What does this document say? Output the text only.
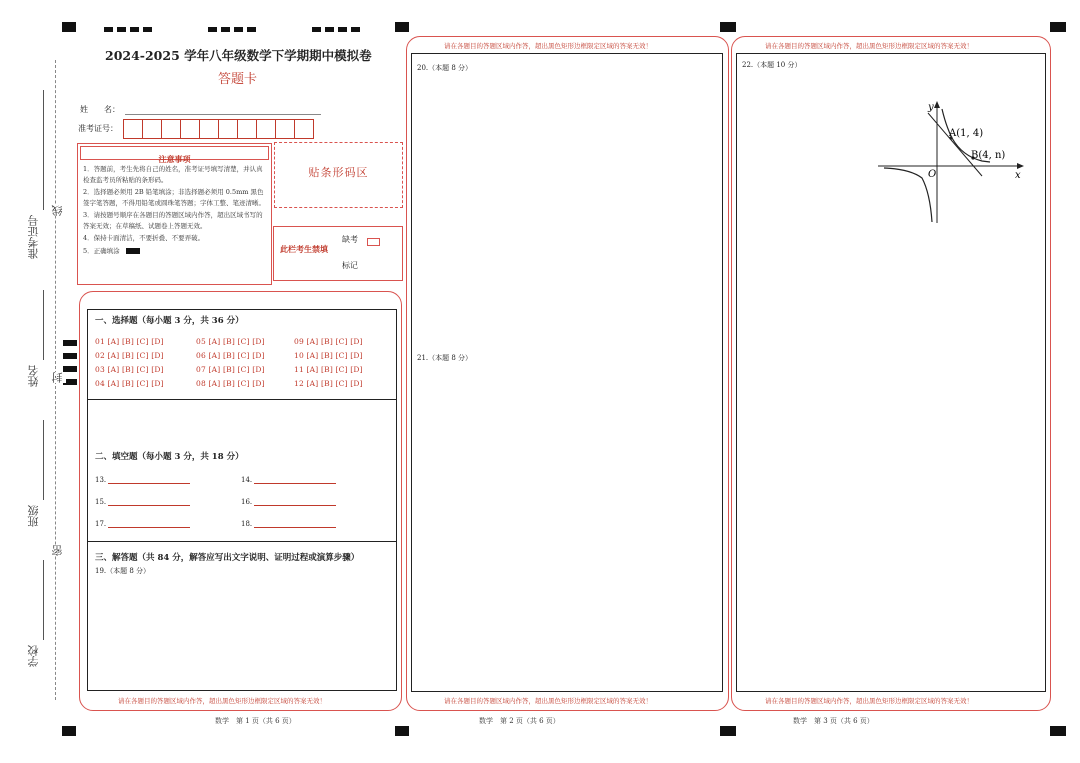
准考证号
线
姓名 封
班级
密
学校
2024-2025 学年八年级数学下学期期中模拟卷
答题卡
姓　　名：
准考证号：
注意事项

1．答题前，考生先将自己的姓名，准考证号填写清楚，并认真检查监考员所粘贴的条形码。

2．选择题必须用 2B 铅笔填涂；非选择题必须用 0.5mm 黑色签字笔答题，不得用铅笔或圆珠笔答题；字体工整、笔迹清晰。

3．请按题号顺序在各题目的答题区域内作答，超出区域书写的答案无效；在草稿纸、试题卷上答题无效。

4．保持卡面清洁，不要折叠、不要弄破。

5．正确填涂

贴条形码区
此栏考生禁填
缺考
标记
一、选择题（每小题 3 分，共 36 分）
01 [A] [B] [C] [D]
02 [A] [B] [C] [D]
03 [A] [B] [C] [D]
04 [A] [B] [C] [D]
05 [A] [B] [C] [D]
06 [A] [B] [C] [D]
07 [A] [B] [C] [D]
08 [A] [B] [C] [D]
09 [A] [B] [C] [D]
10 [A] [B] [C] [D]
11 [A] [B] [C] [D]
12 [A] [B] [C] [D]
二、填空题（每小题 3 分，共 18 分）
13.	14.
15.	16.
17.	18.
三、解答题（共 84 分，解答应写出文字说明、证明过程或演算步骤）
19.（本题 8 分）
请在各题目的答题区域内作答，超出黑色矩形边框限定区域的答案无效！
数学　第 1 页（共 6 页）
请在各题目的答题区域内作答，超出黑色矩形边框限定区域的答案无效！
20.（本题 8 分）
21.（本题 8 分）
请在各题目的答题区域内作答，超出黑色矩形边框限定区域的答案无效！
数学　第 2 页（共 6 页）
请在各题目的答题区域内作答，超出黑色矩形边框限定区域的答案无效！
22.（本题 10 分）
y
x
O
A(1, 4)
B(4, n)
请在各题目的答题区域内作答，超出黑色矩形边框限定区域的答案无效！
数学　第 3 页（共 6 页）
